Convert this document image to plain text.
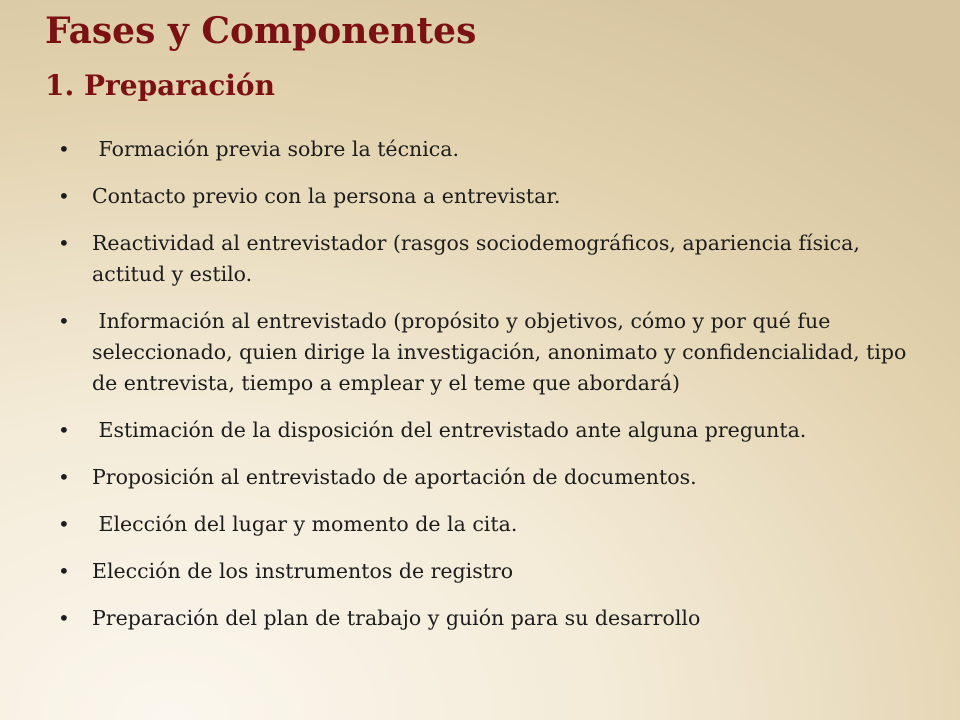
Fases y Componentes
1. Preparación
•	Formación previa sobre la técnica.
•	Contacto previo con la persona a entrevistar.
•	Reactividad al entrevistador (rasgos sociodemográficos, apariencia física, actitud y estilo.
•	Información al entrevistado (propósito y objetivos, cómo y por qué fue seleccionado, quien dirige la investigación, anonimato y confidencialidad, tipo de entrevista, tiempo a emplear y el teme que abordará)
•	Estimación de la disposición del entrevistado ante alguna pregunta.
•	Proposición al entrevistado de aportación de documentos.
•	Elección del lugar y momento de la cita.
•	Elección de los instrumentos de registro
•	Preparación del plan de trabajo y guión para su desarrollo
